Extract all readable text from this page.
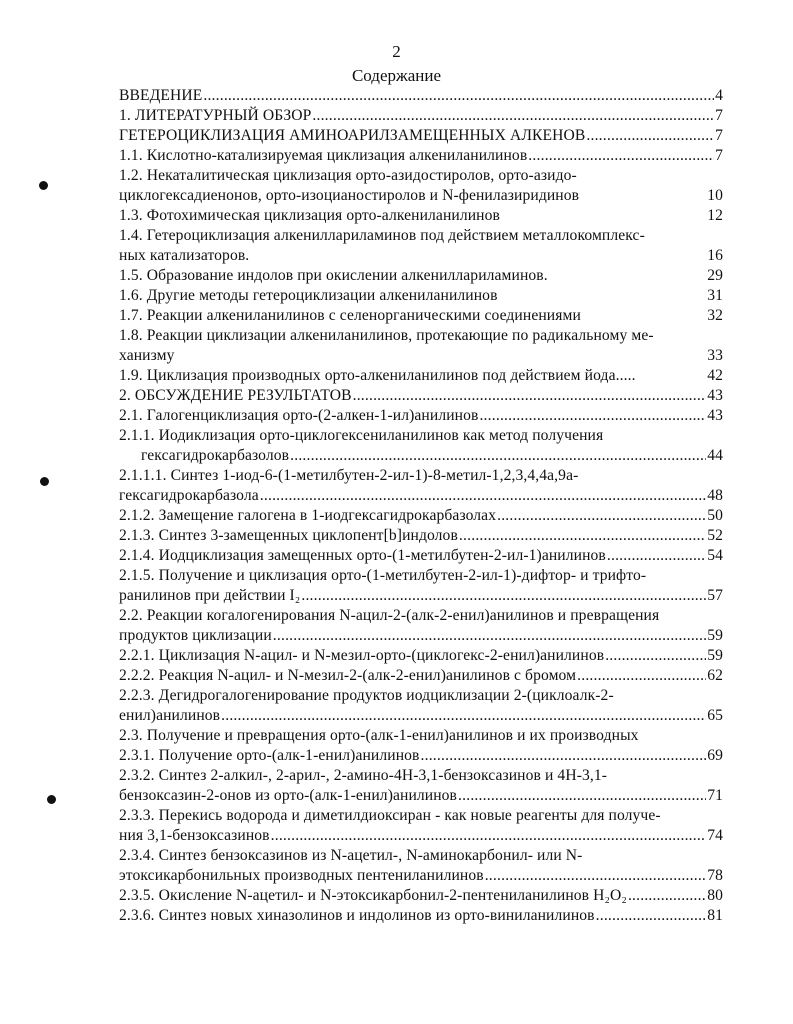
2
Содержание
ВВЕДЕНИЕ .....	4
1. ЛИТЕРАТУРНЫЙ ОБЗОР .....	7
ГЕТЕРОЦИКЛИЗАЦИЯ АМИНОАРИЛЗАМЕЩЕННЫХ АЛКЕНОВ .....	7
1.1. Кислотно-катализируемая циклизация алкениланилинов .....	7
1.2. Некаталитическая циклизация орто-азидостиролов, орто-азидо-
циклогексадиенонов, орто-изоцианостиролов и N-фенилазиридинов	10
1.3. Фотохимическая циклизация орто-алкениланилинов	12
1.4. Гетероциклизация алкениллариламинов под действием металлокомплекс-
ных катализаторов.	16
1.5. Образование индолов при окислении алкениллариламинов.	29
1.6. Другие методы гетероциклизации алкениланилинов	31
1.7. Реакции алкениланилинов с селенорганическими соединениями	32
1.8. Реакции циклизации алкениланилинов, протекающие по радикальному ме-
ханизму	33
1.9. Циклизация производных орто-алкениланилинов под действием йода.....	42
2. ОБСУЖДЕНИЕ РЕЗУЛЬТАТОВ .....	43
2.1. Галогенциклизация орто-(2-алкен-1-ил)анилинов .....	43
2.1.1. Иодиклизация орто-циклогексениланилинов как метод получения
гексагидрокарбазолов .....	44
2.1.1.1. Синтез 1-иод-6-(1-метилбутен-2-ил-1)-8-метил-1,2,3,4,4а,9а-
гексагидрокарбазола .....	48
2.1.2. Замещение галогена в 1-иодгексагидрокарбазолах .....	50
2.1.3. Синтез 3-замещенных циклопент[b]индолов .....	52
2.1.4. Иодциклизация замещенных орто-(1-метилбутен-2-ил-1)анилинов .....	54
2.1.5. Получение и циклизация орто-(1-метилбутен-2-ил-1)-дифтор- и трифто-
ранилинов при действии I₂ .....	57
2.2. Реакции когалогенирования N-ацил-2-(алк-2-енил)анилинов и превращения
продуктов циклизации .....	59
2.2.1. Циклизация N-ацил- и N-мезил-орто-(циклогекс-2-енил)анилинов .....	59
2.2.2. Реакция N-ацил- и N-мезил-2-(алк-2-енил)анилинов с бромом .....	62
2.2.3. Дегидрогалогенирование продуктов иодциклизации 2-(циклоалк-2-
енил)анилинов .....	65
2.3. Получение и превращения орто-(алк-1-енил)анилинов и их производных
2.3.1. Получение орто-(алк-1-енил)анилинов .....	69
2.3.2. Синтез 2-алкил-, 2-арил-, 2-амино-4Н-3,1-бензоксазинов и 4Н-3,1-
бензоксазин-2-онов из орто-(алк-1-енил)анилинов .....	71
2.3.3. Перекись водорода и диметилдиоксиран - как новые реагенты для получе-
ния 3,1-бензоксазинов .....	74
2.3.4. Синтез бензоксазинов из N-ацетил-, N-аминокарбонил- или N-
этоксикарбонильных производных пентениланилинов .....	78
2.3.5. Окисление N-ацетил- и N-этоксикарбонил-2-пентениланилинов H₂O₂ .....	80
2.3.6. Синтез новых хиназолинов и индолинов из орто-виниланилинов .....	81
